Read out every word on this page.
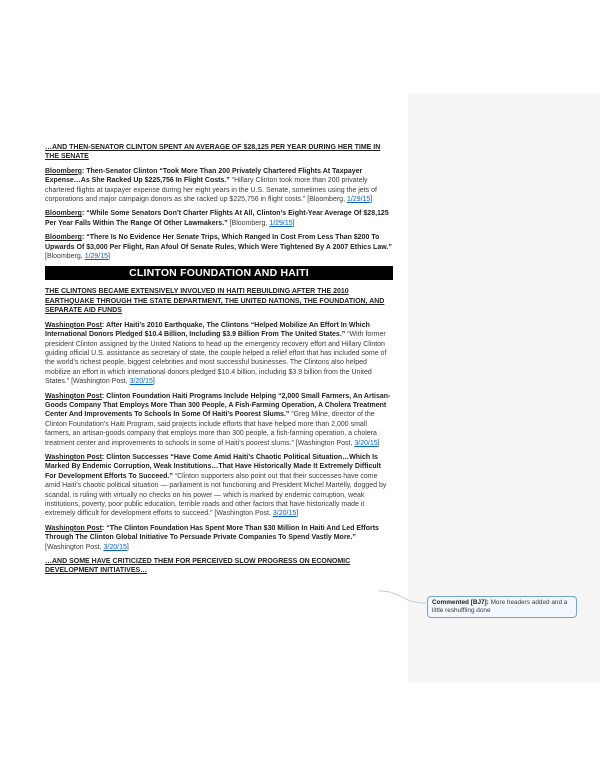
…AND THEN-SENATOR CLINTON SPENT AN AVERAGE OF $28,125 PER YEAR DURING HER TIME IN THE SENATE

Bloomberg: Then-Senator Clinton “Took More Than 200 Privately Chartered Flights At Taxpayer Expense…As She Racked Up $225,756 In Flight Costs.” “Hillary Clinton took more than 200 privately chartered flights at taxpayer expense during her eight years in the U.S. Senate, sometimes using the jets of corporations and major campaign donors as she racked up $225,756 in flight costs.” [Bloomberg, 1/29/15]

Bloomberg: “While Some Senators Don’t Charter Flights At All, Clinton’s Eight-Year Average Of $28,125 Per Year Falls Within The Range Of Other Lawmakers.” [Bloomberg, 1/29/15]

Bloomberg: “There Is No Evidence Her Senate Trips, Which Ranged In Cost From Less Than $200 To Upwards Of $3,000 Per Flight, Ran Afoul Of Senate Rules, Which Were Tightened By A 2007 Ethics Law.” [Bloomberg, 1/29/15]

CLINTON FOUNDATION AND HAITI
THE CLINTONS BECAME EXTENSIVELY INVOLVED IN HAITI REBUILDING AFTER THE 2010 EARTHQUAKE THROUGH THE STATE DEPARTMENT, THE UNITED NATIONS, THE FOUNDATION, AND SEPARATE AID FUNDS

Washington Post: After Haiti’s 2010 Earthquake, The Clintons “Helped Mobilize An Effort In Which International Donors Pledged $10.4 Billion, Including $3.9 Billion From The United States.” “With former president Clinton assigned by the United Nations to head up the emergency recovery effort and Hillary Clinton guiding official U.S. assistance as secretary of state, the couple helped a relief effort that has included some of the world’s richest people, biggest celebrities and most successful businesses. The Clintons also helped mobilize an effort in which international donors pledged $10.4 billion, including $3.9 billion from the United States.” [Washington Post, 3/20/15]

Washington Post: Clinton Foundation Haiti Programs Include Helping “2,000 Small Farmers, An Artisan-Goods Company That Employs More Than 300 People, A Fish-Farming Operation, A Cholera Treatment Center And Improvements To Schools In Some Of Haiti’s Poorest Slums.” “Greg Milne, director of the Clinton Foundation’s Haiti Program, said projects include efforts that have helped more than 2,000 small farmers, an artisan-goods company that employs more than 300 people, a fish-farming operation, a cholera treatment center and improvements to schools in some of Haiti’s poorest slums.” [Washington Post, 3/20/15]

Washington Post: Clinton Successes “Have Come Amid Haiti’s Chaotic Political Situation…Which Is Marked By Endemic Corruption, Weak Institutions…That Have Historically Made It Extremely Difficult For Development Efforts To Succeed.” “Clinton supporters also point out that their successes have come amid Haiti’s chaotic political situation — parliament is not functioning and President Michel Martelly, dogged by scandal, is ruling with virtually no checks on his power — which is marked by endemic corruption, weak institutions, poverty, poor public education, terrible roads and other factors that have historically made it extremely difficult for development efforts to succeed.” [Washington Post, 3/20/15]

Washington Post: “The Clinton Foundation Has Spent More Than $30 Million In Haiti And Led Efforts Through The Clinton Global Initiative To Persuade Private Companies To Spend Vastly More.” [Washington Post, 3/20/15]

…AND SOME HAVE CRITICIZED THEM FOR PERCEIVED SLOW PROGRESS ON ECONOMIC DEVELOPMENT INITIATIVES…
Commented [BJ7]: More headers added and a little reshuffling done
